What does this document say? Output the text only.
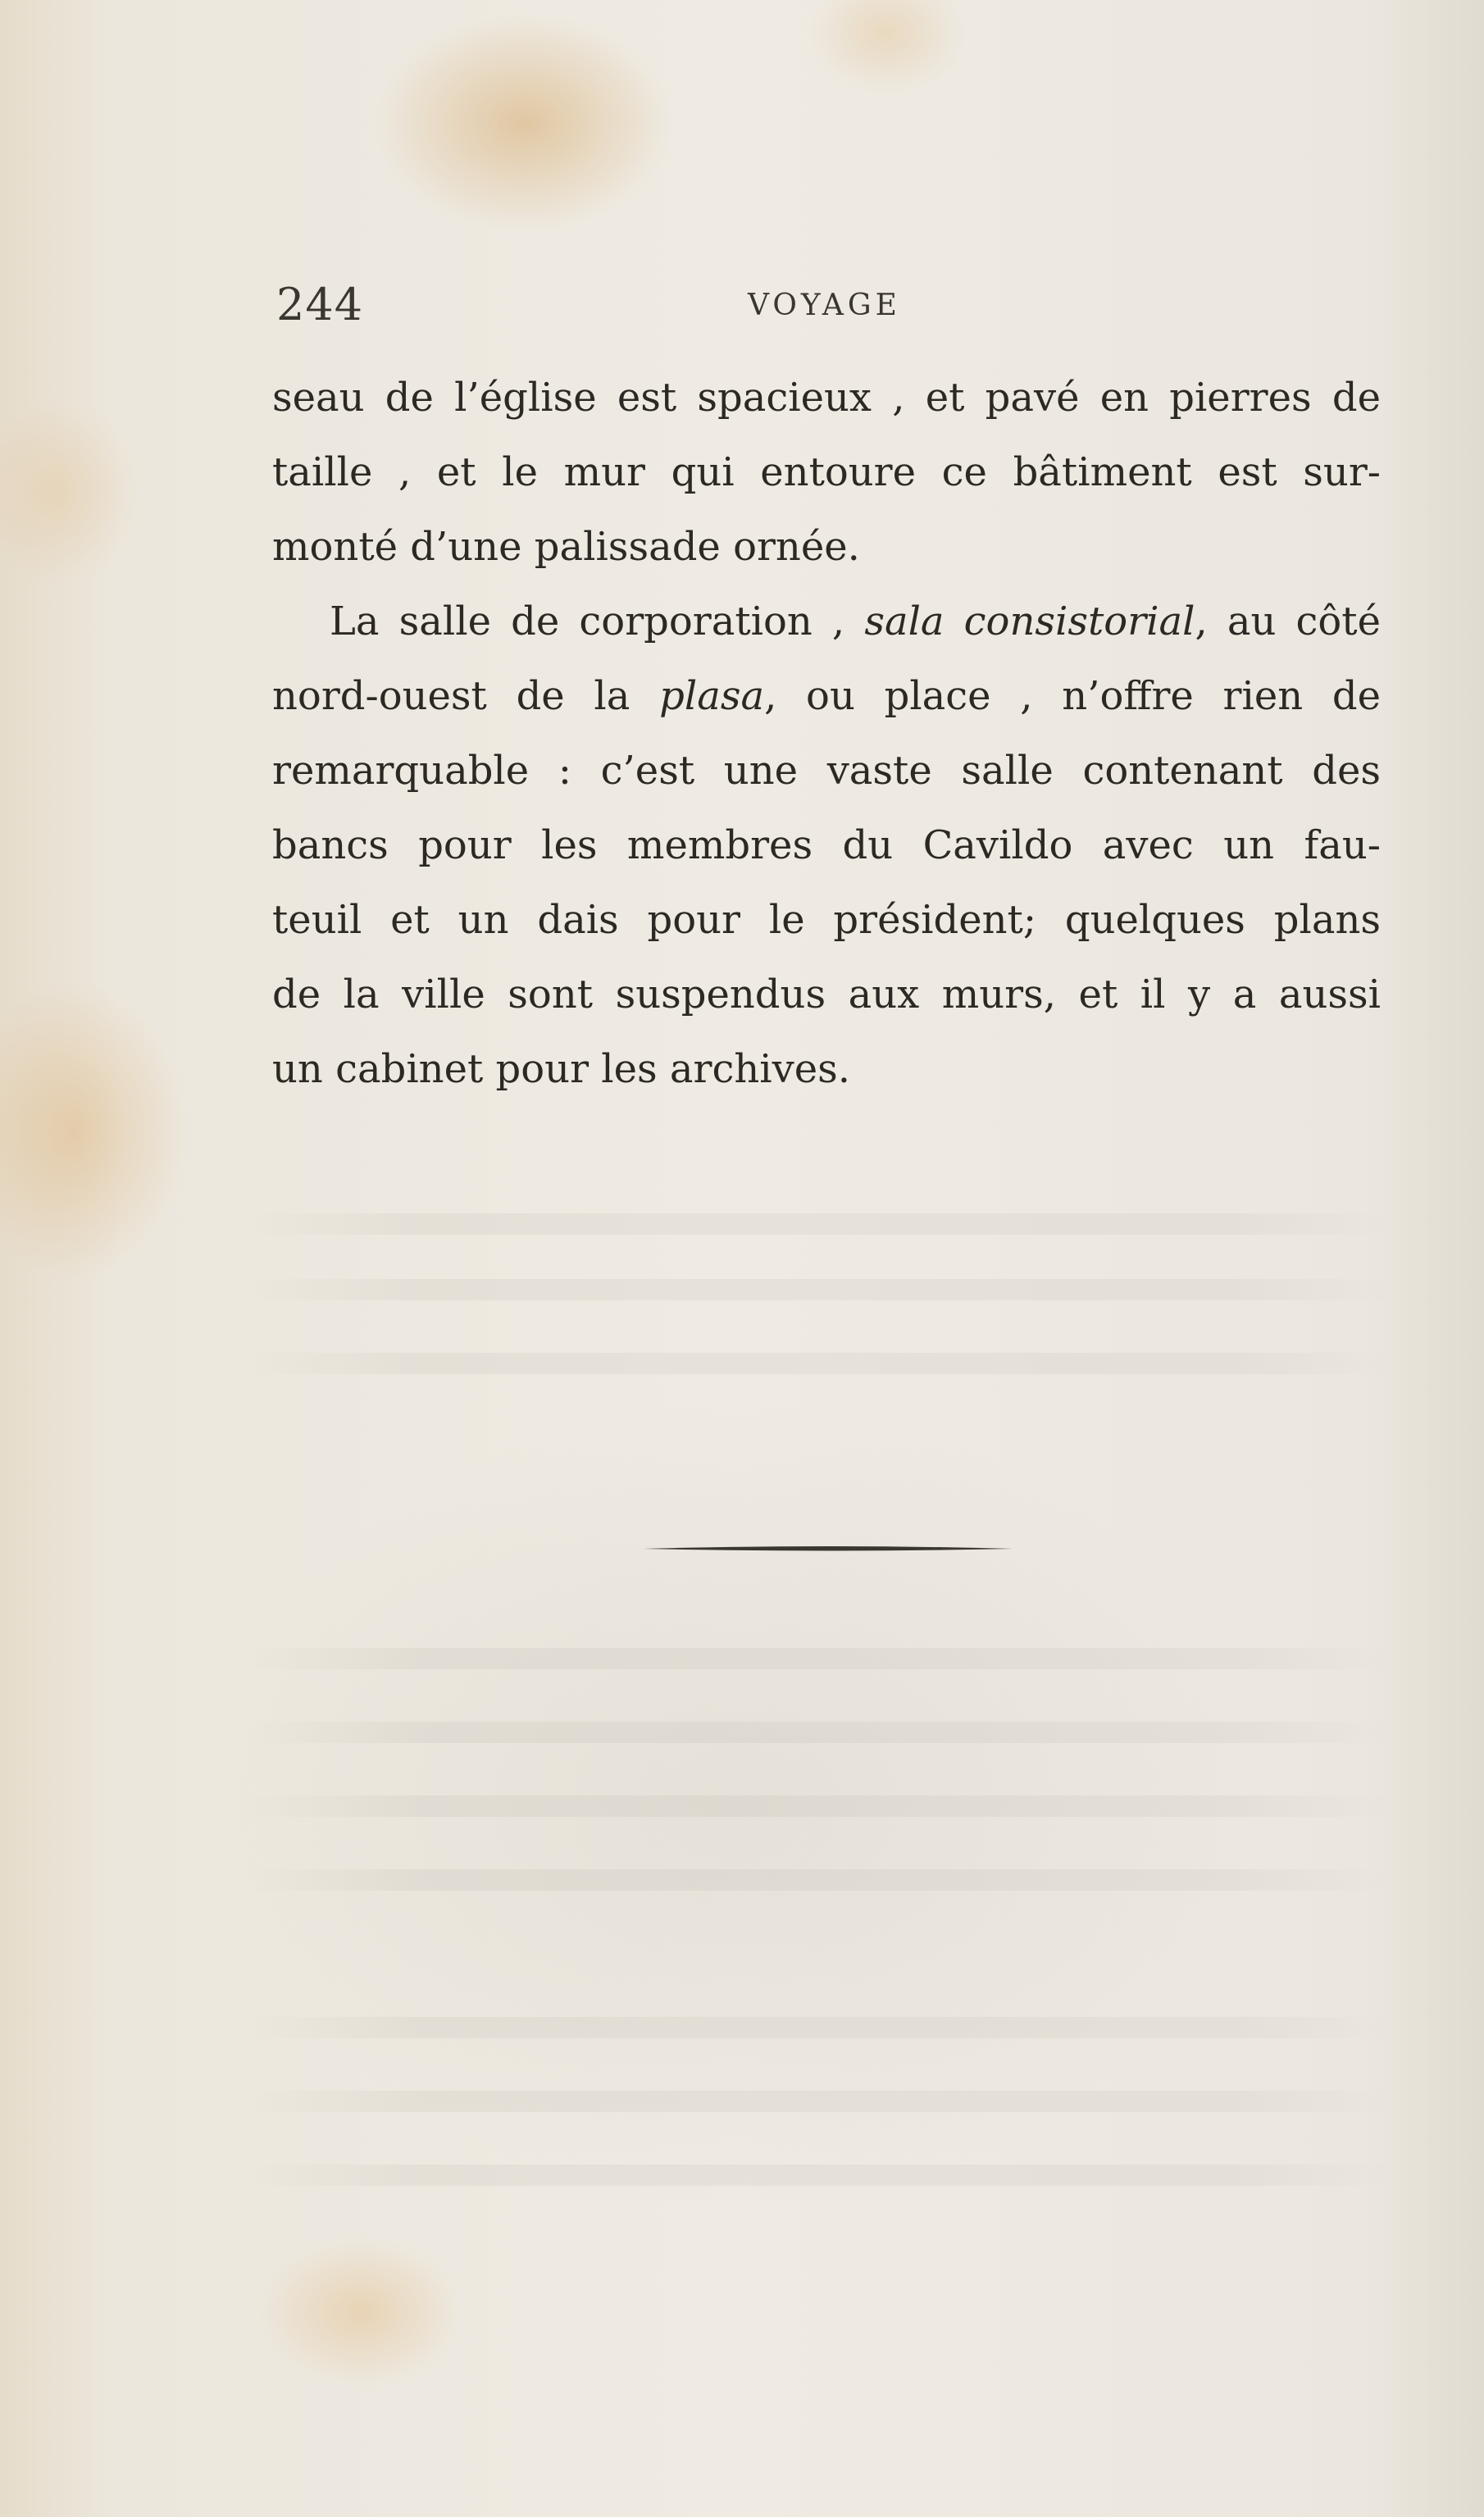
244	VOYAGE
seau de l’église est spacieux , et pavé en pierres de
taille , et le mur qui entoure ce bâtiment est sur-
monté d’une palissade ornée.
La salle de corporation , sala consistorial, au côté
nord-ouest de la plasa, ou place , n’offre rien de
remarquable : c’est une vaste salle contenant des
bancs pour les membres du Cavildo avec un fau-
teuil et un dais pour le président; quelques plans
de la ville sont suspendus aux murs, et il y a aussi
un cabinet pour les archives.
